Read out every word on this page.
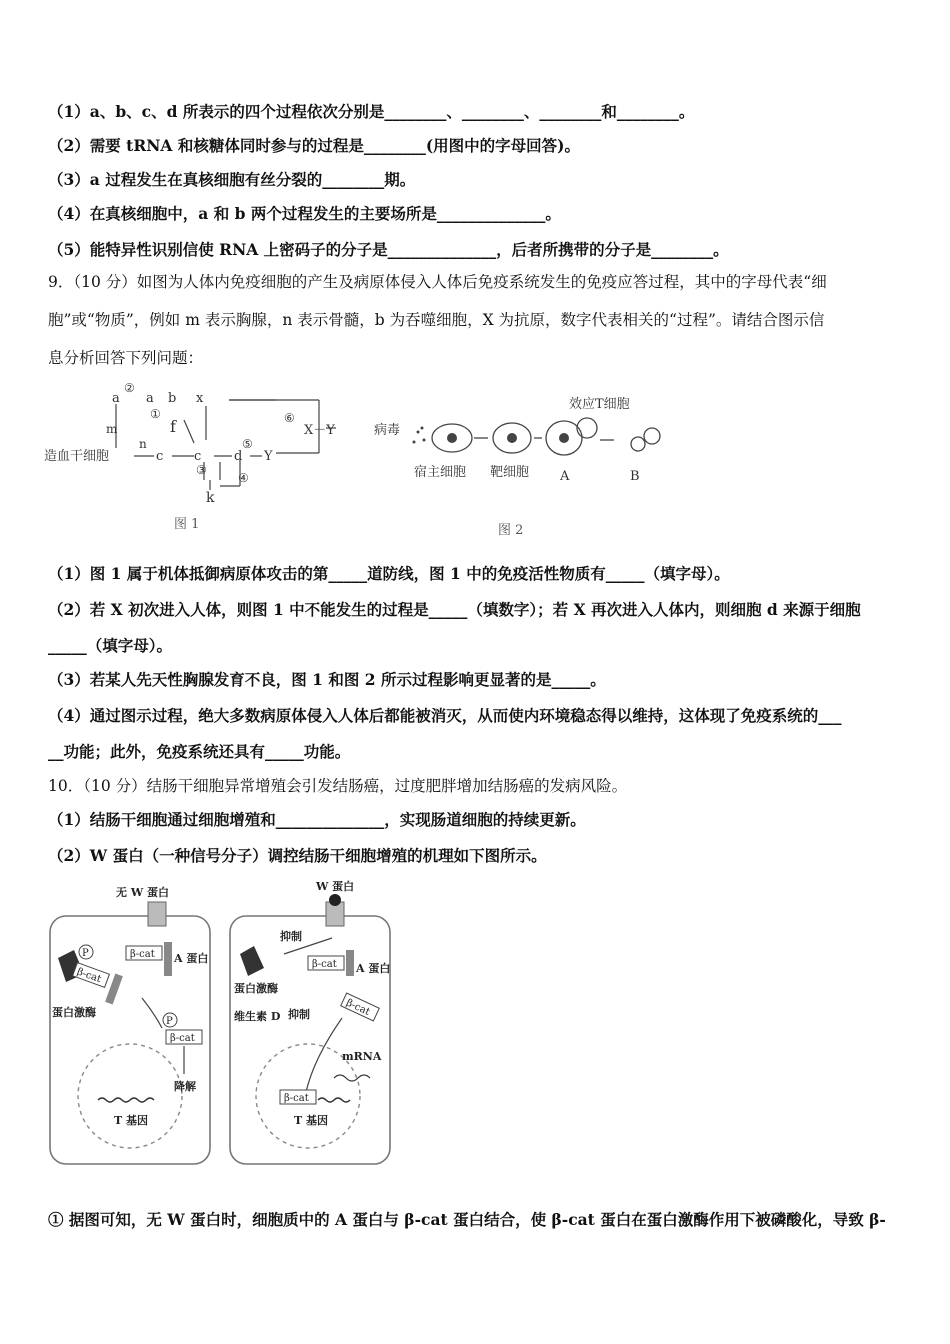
（1）a、b、c、d 所表示的四个过程依次分别是________、________、________和________。
（2）需要 tRNA 和核糖体同时参与的过程是________(用图中的字母回答)。
（3）a 过程发生在真核细胞有丝分裂的________期。
（4）在真核细胞中，a 和 b 两个过程发生的主要场所是______________。
（5）能特异性识别信使 RNA 上密码子的分子是______________，后者所携带的分子是________。
9．（10 分）如图为人体内免疫细胞的产生及病原体侵入人体后免疫系统发生的免疫应答过程，其中的字母代表“细
胞”或“物质”，例如 m 表示胸腺，n 表示骨髓，b 为吞噬细胞，X 为抗原，数字代表相关的“过程”。请结合图示信
息分析回答下列问题：
造血干细胞
m
n
a a b x
f
c c	d
k
Y
X－Y
①
②
③
④
⑤
⑥
图 1
病毒
宿主细胞 靶细胞
效应T细胞
A	B
图 2
（1）图 1 属于机体抵御病原体攻击的第_____道防线，图 1 中的免疫活性物质有_____（填字母）。
（2）若 X 初次进入人体，则图 1 中不能发生的过程是_____（填数字）；若 X 再次进入人体内，则细胞 d 来源于细胞
_____（填字母）。
（3）若某人先天性胸腺发育不良，图 1 和图 2 所示过程影响更显著的是_____。
（4）通过图示过程，绝大多数病原体侵入人体后都能被消灭，从而使内环境稳态得以维持，这体现了免疫系统的___
__功能；此外，免疫系统还具有_____功能。
10．（10 分）结肠干细胞异常增殖会引发结肠癌，过度肥胖增加结肠癌的发病风险。
（1）结肠干细胞通过细胞增殖和______________，实现肠道细胞的持续更新。
（2）W 蛋白（一种信号分子）调控结肠干细胞增殖的机理如下图所示。
无 W 蛋白
β-cat A 蛋白
P
β-cat
蛋白激酶
P
β-cat
降解
T 基因
W 蛋白
抑制
蛋白激酶
β-cat A 蛋白
β-cat
维生素 D 抑制
mRNA
β-cat
T 基因
① 据图可知，无 W 蛋白时，细胞质中的 A 蛋白与 β-cat 蛋白结合，使 β-cat 蛋白在蛋白激酶作用下被磷酸化，导致 β-
